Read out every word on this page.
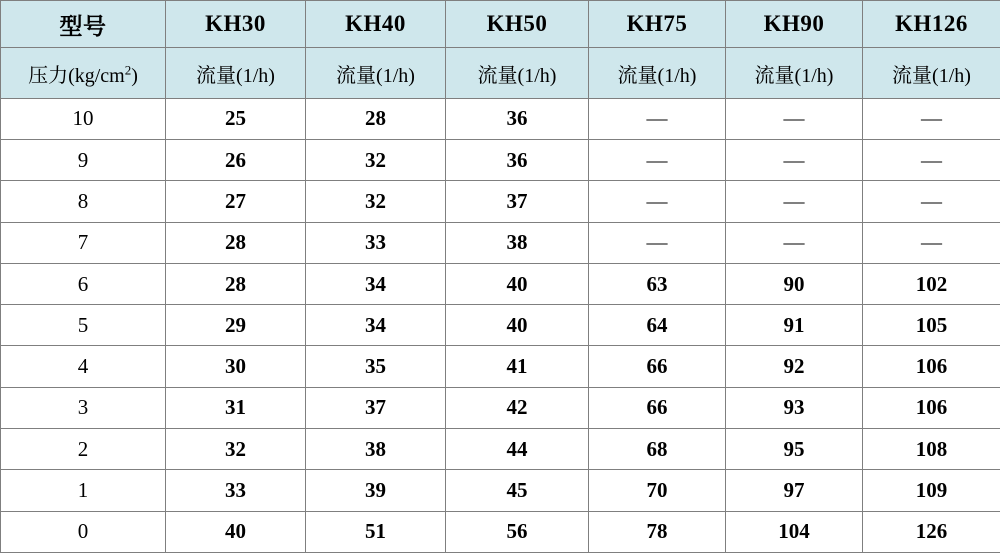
型号	KH30	KH40	KH50	KH75	KH90	KH126
压力$(kg/cm^2)$	流量(1/h)	流量(1/h)	流量(1/h)	流量(1/h)	流量(1/h)	流量(1/h)
10	25	28	36	—	—	—
9	26	32	36	—	—	—
8	27	32	37	—	—	—
7	28	33	38	—	—	—
6	28	34	40	63	90	102
5	29	34	40	64	91	105
4	30	35	41	66	92	106
3	31	37	42	66	93	106
2	32	38	44	68	95	108
1	33	39	45	70	97	109
0	40	51	56	78	104	126
